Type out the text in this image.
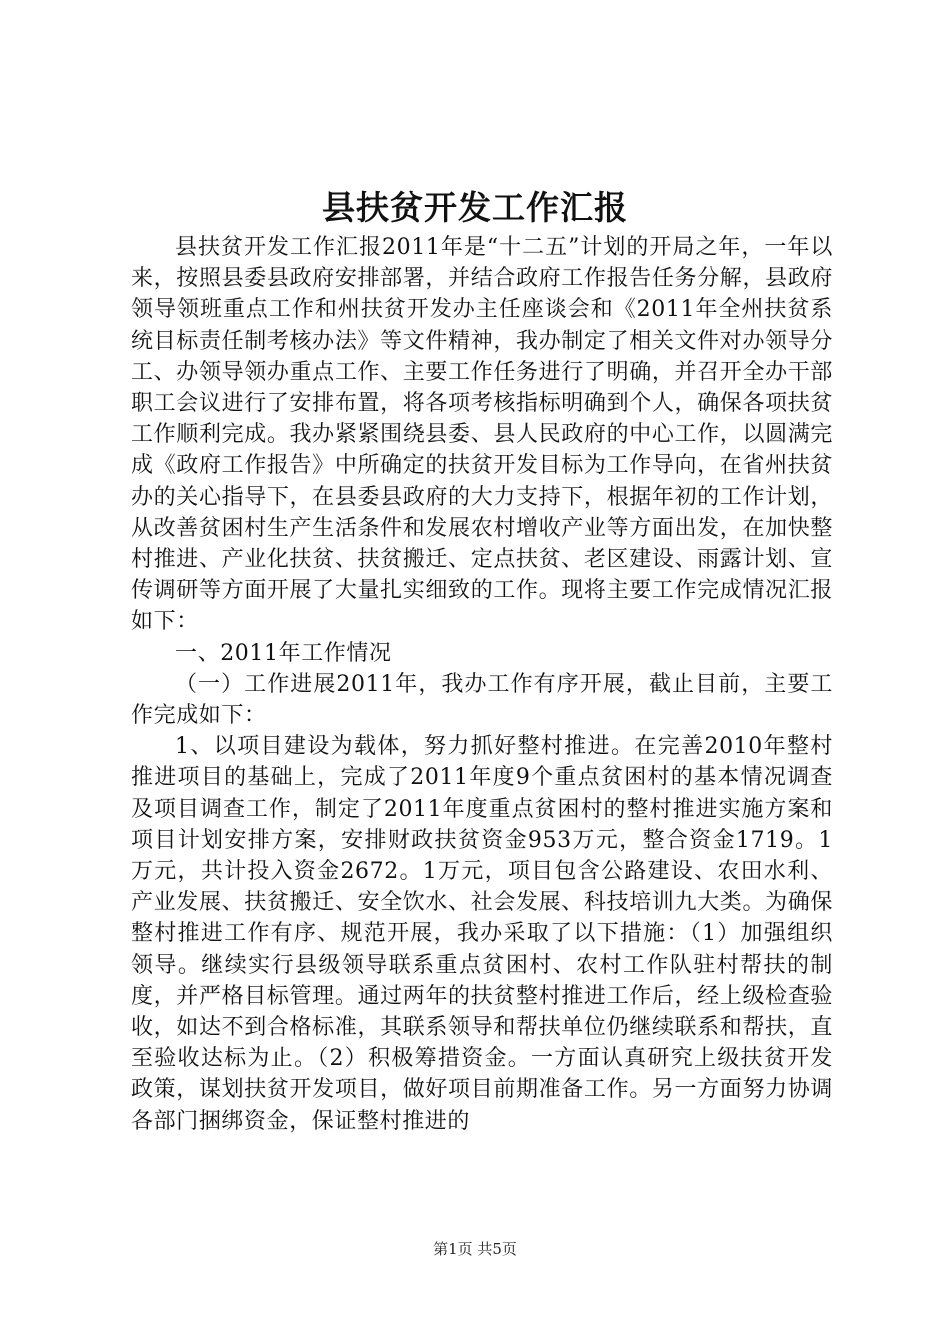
县扶贫开发工作汇报

县扶贫开发工作汇报2011年是“十二五”计划的开局之年，一年以来，按照县委县政府安排部署，并结合政府工作报告任务分解，县政府领导领班重点工作和州扶贫开发办主任座谈会和《2011年全州扶贫系统目标责任制考核办法》等文件精神，我办制定了相关文件对办领导分工、办领导领办重点工作、主要工作任务进行了明确，并召开全办干部职工会议进行了安排布置，将各项考核指标明确到个人，确保各项扶贫工作顺利完成。我办紧紧围绕县委、县人民政府的中心工作，以圆满完成《政府工作报告》中所确定的扶贫开发目标为工作导向，在省州扶贫办的关心指导下，在县委县政府的大力支持下，根据年初的工作计划，从改善贫困村生产生活条件和发展农村增收产业等方面出发，在加快整村推进、产业化扶贫、扶贫搬迁、定点扶贫、老区建设、雨露计划、宣传调研等方面开展了大量扎实细致的工作。现将主要工作完成情况汇报如下：

一、2011年工作情况

（一）工作进展2011年，我办工作有序开展，截止目前，主要工作完成如下：

1、以项目建设为载体，努力抓好整村推进。在完善2010年整村推进项目的基础上，完成了2011年度9个重点贫困村的基本情况调查及项目调查工作，制定了2011年度重点贫困村的整村推进实施方案和项目计划安排方案，安排财政扶贫资金953万元，整合资金1719。1万元，共计投入资金2672。1万元，项目包含公路建设、农田水利、产业发展、扶贫搬迁、安全饮水、社会发展、科技培训九大类。为确保整村推进工作有序、规范开展，我办采取了以下措施：（1）加强组织领导。继续实行县级领导联系重点贫困村、农村工作队驻村帮扶的制度，并严格目标管理。通过两年的扶贫整村推进工作后，经上级检查验收，如达不到合格标准，其联系领导和帮扶单位仍继续联系和帮扶，直至验收达标为止。（2）积极筹措资金。一方面认真研究上级扶贫开发政策，谋划扶贫开发项目，做好项目前期准备工作。另一方面努力协调各部门捆绑资金，保证整村推进的

第1页 共5页
